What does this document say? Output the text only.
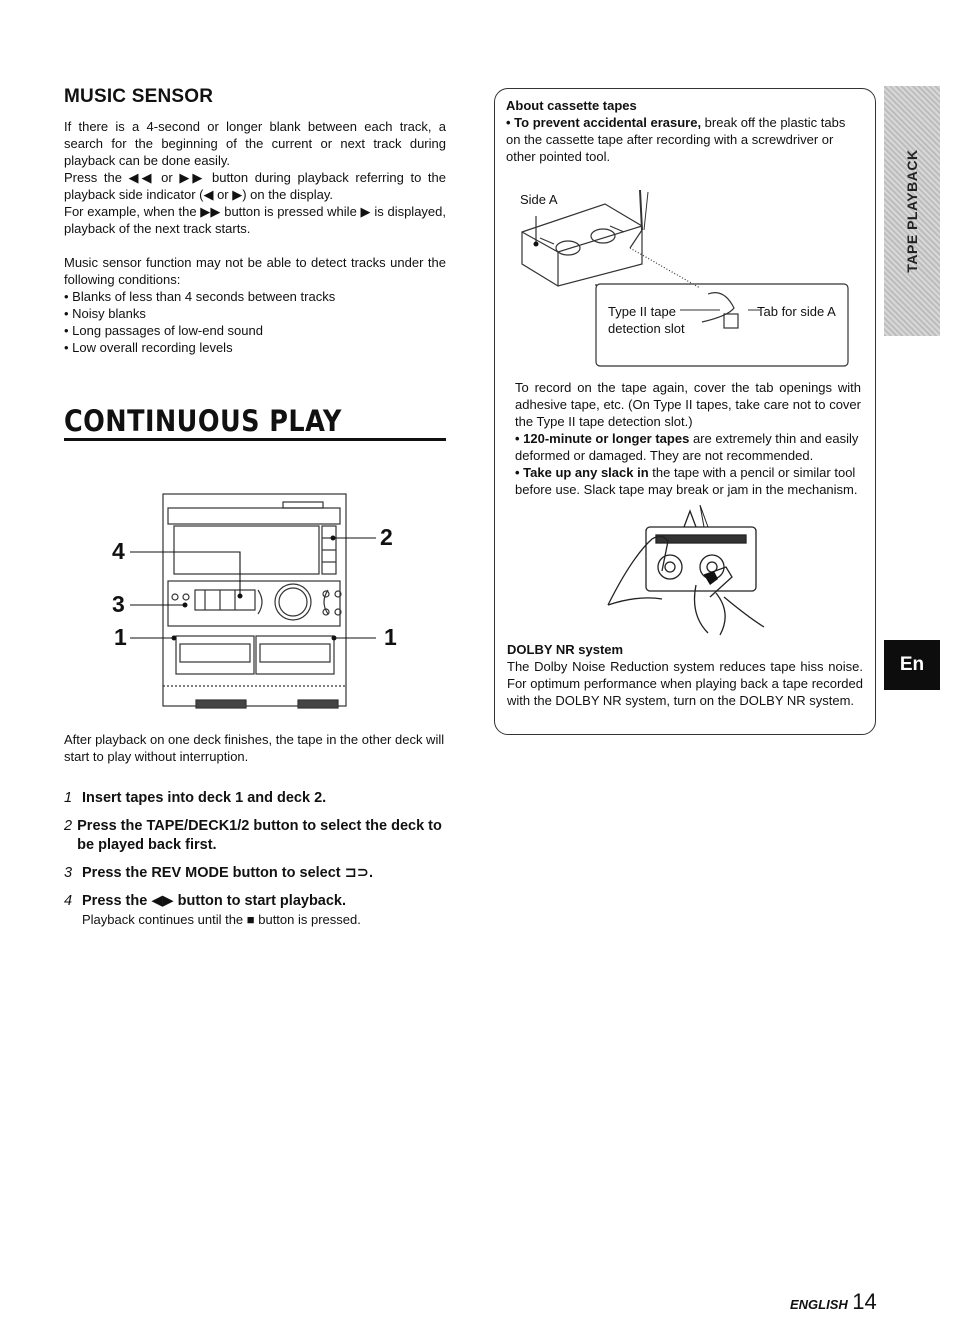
MUSIC SENSOR

If there is a 4-second or longer blank between each track, a search for the beginning of the current or next track during playback can be done easily.

Press the ◀◀ or ▶▶ button during playback referring to the playback side indicator (◀ or ▶) on the display.

For example, when the ▶▶ button is pressed while ▶ is displayed, playback of the next track starts.

Music sensor function may not be able to detect tracks under the following conditions:

• Blanks of less than 4 seconds between tracks
• Noisy blanks
• Long passages of low-end sound
• Low overall recording levels
CONTINUOUS PLAY
4
3
1
2
1

After playback on one deck finishes, the tape in the other deck will start to play without interruption.

1 Insert tapes into deck 1 and deck 2.
2 Press the TAPE/DECK1/2 button to select the deck to be played back first.
3 Press the REV MODE button to select ⊐⊃.
4 Press the ◀▶ button to start playback.
Playback continues until the ■ button is pressed.
About cassette tapes

• To prevent accidental erasure, break off the plastic tabs on the cassette tape after recording with a screwdriver or other pointed tool.

Side A
Type II tape detection slot
Tab for side A

To record on the tape again, cover the tab openings with adhesive tape, etc. (On Type II tapes, take care not to cover the Type II tape detection slot.)

• 120-minute or longer tapes are extremely thin and easily deformed or damaged. They are not recommended.

• Take up any slack in the tape with a pencil or similar tool before use. Slack tape may break or jam in the mechanism.

DOLBY NR system

The Dolby Noise Reduction system reduces tape hiss noise. For optimum performance when playing back a tape recorded with the DOLBY NR system, turn on the DOLBY NR system.

TAPE PLAYBACK
En
ENGLISH 14
